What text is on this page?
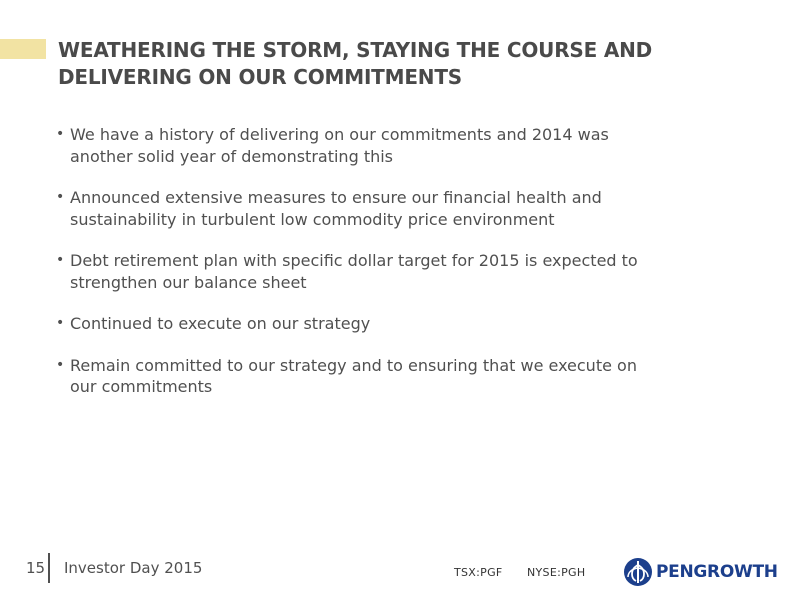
WEATHERING THE STORM, STAYING THE COURSE AND
DELIVERING ON OUR COMMITMENTS
• We have a history of delivering on our commitments and 2014 was
another solid year of demonstrating this
• Announced extensive measures to ensure our financial health and
sustainability in turbulent low commodity price environment
• Debt retirement plan with specific dollar target for 2015 is expected to
strengthen our balance sheet
• Continued to execute on our strategy
• Remain committed to our strategy and to ensuring that we execute on
our commitments
15 Investor Day 2015	TSX:PGF NYSE:PGH	PENGROWTH
